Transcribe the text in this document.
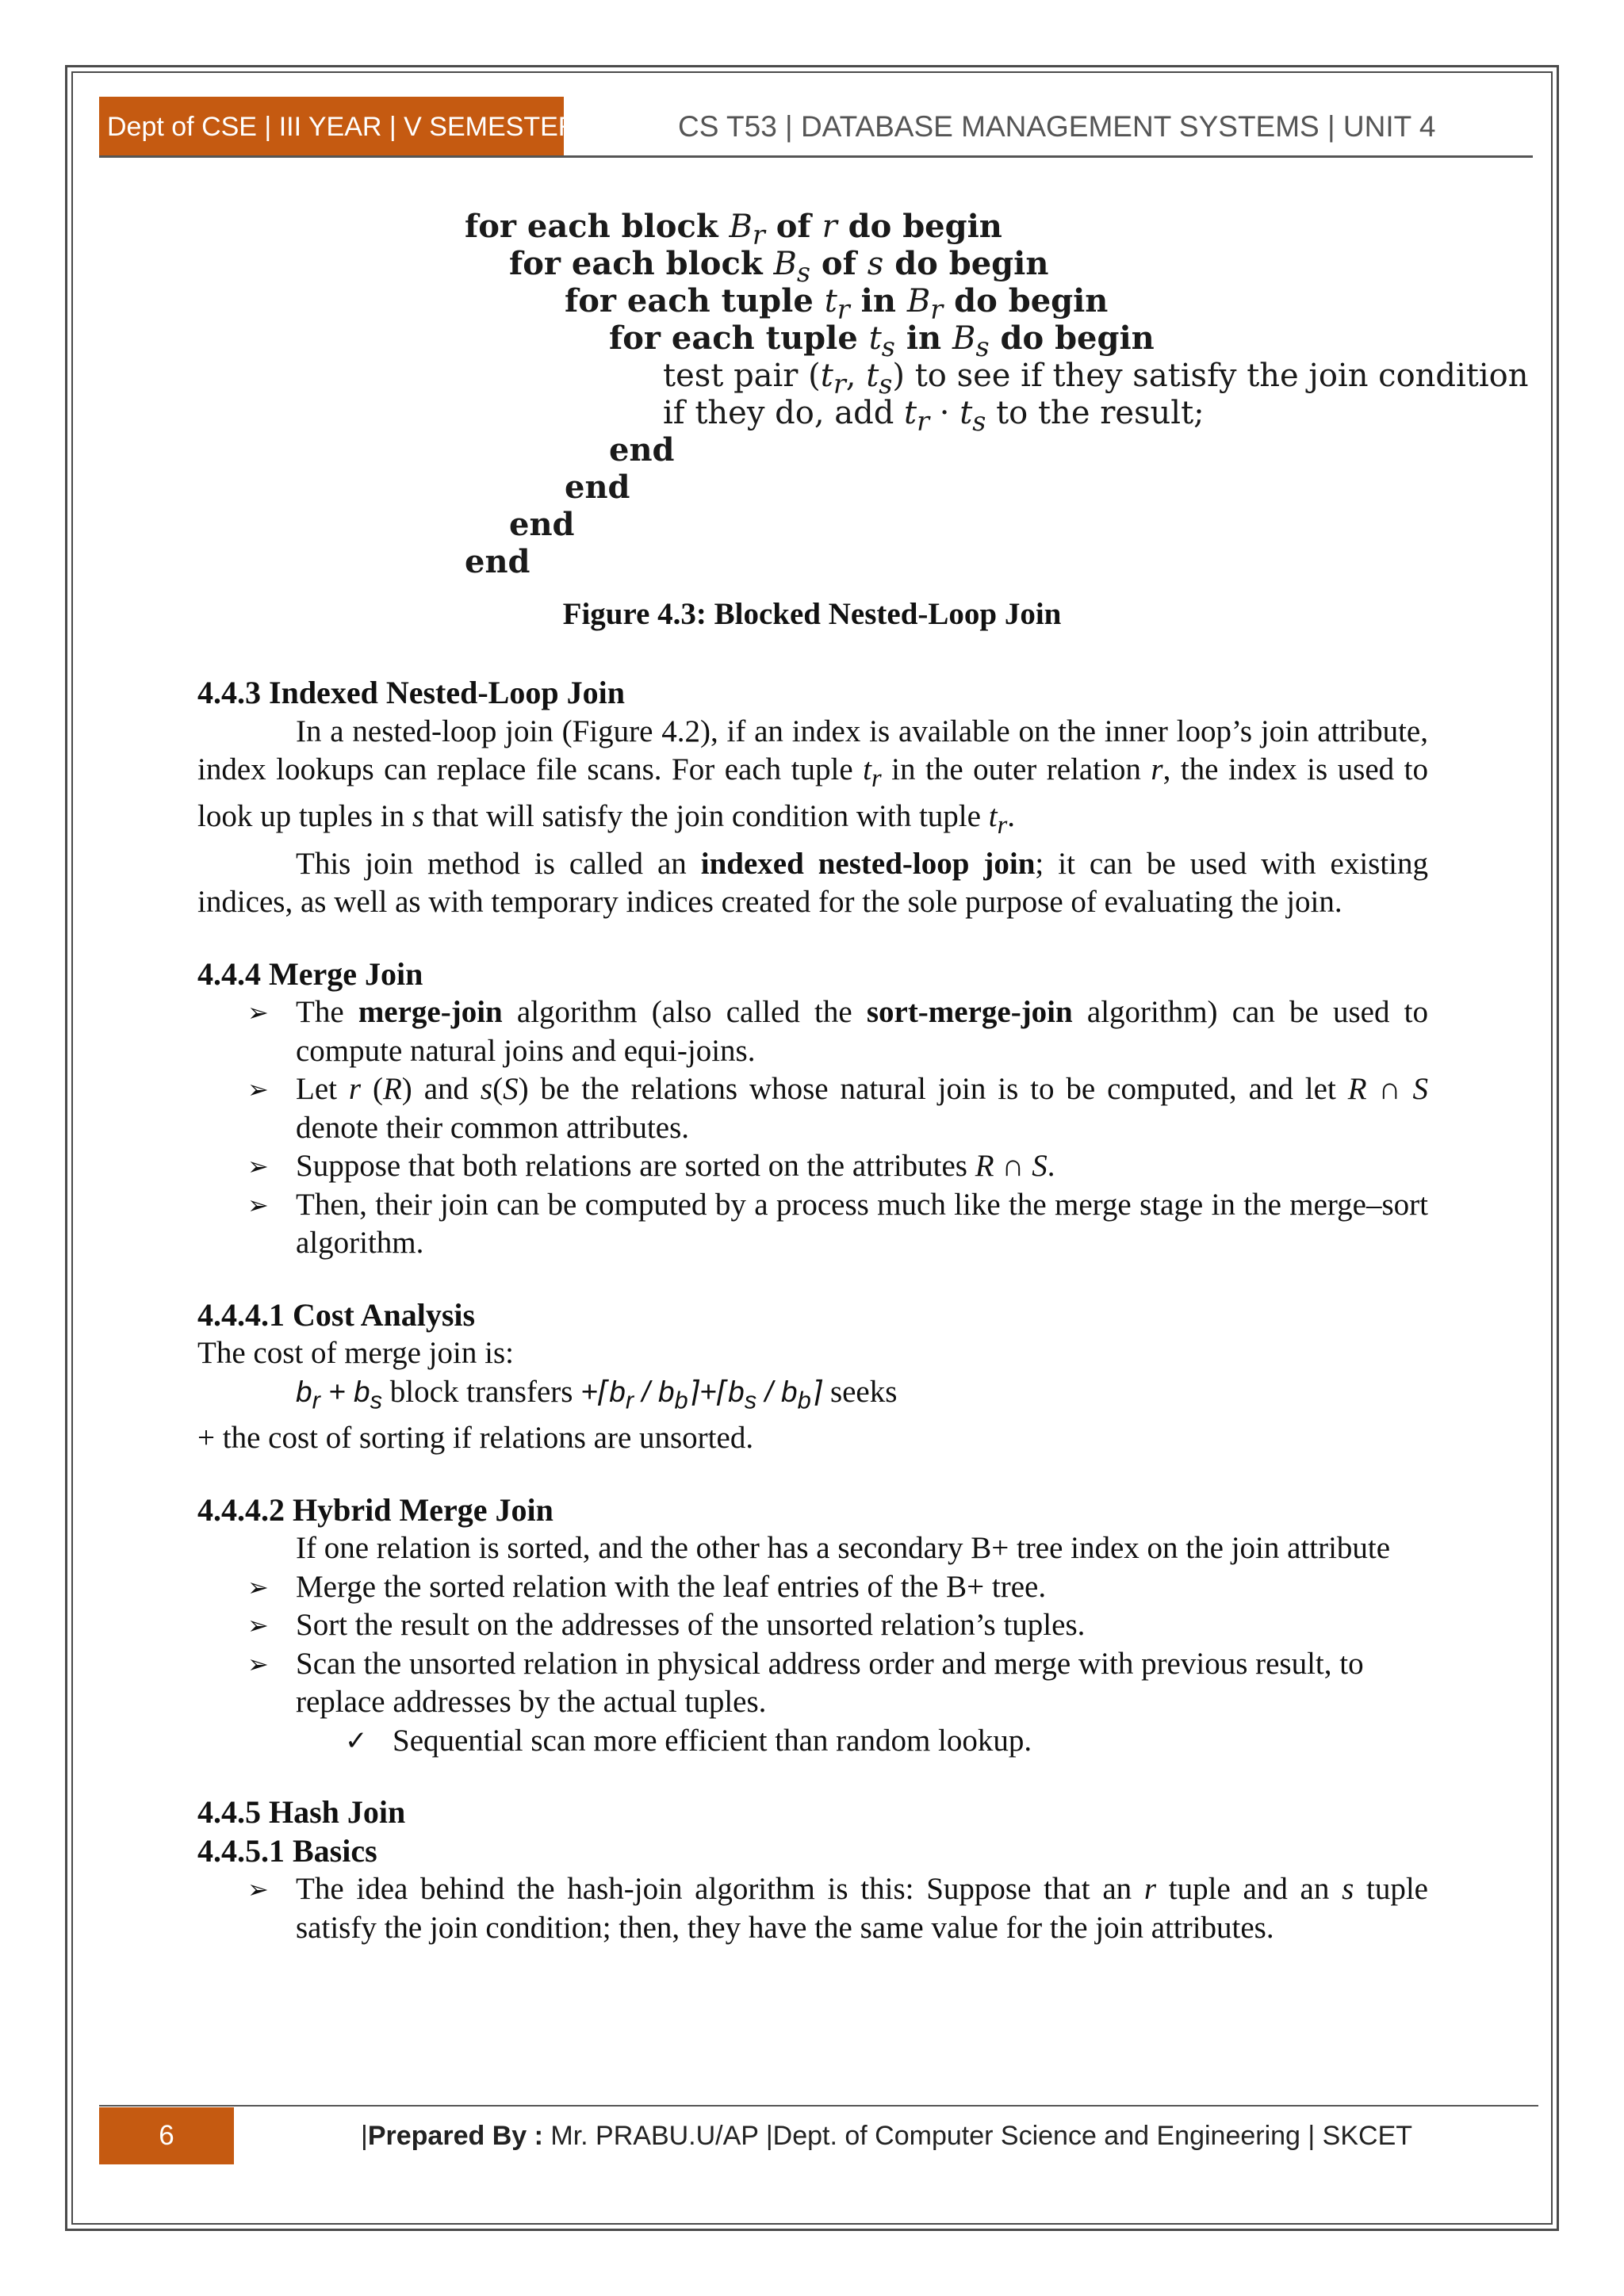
Dept of CSE | III YEAR | V SEMESTER	CS T53 | DATABASE MANAGEMENT SYSTEMS | UNIT 4
for each block $B_r$ of r do begin
for each block $B_s$ of s do begin
for each tuple $t_r$ in $B_r$ do begin
for each tuple $t_s$ in $B_s$ do begin
test pair ($t_r$, $t_s$) to see if they satisfy the join condition
if they do, add $t_r \cdot t_s$ to the result;
end
end
end
end
Figure 4.3: Blocked Nested-Loop Join

4.4.3 Indexed Nested-Loop Join

In a nested-loop join (Figure 4.2), if an index is available on the inner loop’s join attribute, index lookups can replace file scans. For each tuple $t_r$ in the outer relation r, the index is used to look up tuples in s that will satisfy the join condition with tuple $t_r$.

This join method is called an indexed nested-loop join; it can be used with existing indices, as well as with temporary indices created for the sole purpose of evaluating the join.

4.4.4 Merge Join

➢ The merge-join algorithm (also called the sort-merge-join algorithm) can be used to compute natural joins and equi-joins.
➢ Let r (R) and s(S) be the relations whose natural join is to be computed, and let R ∩ S denote their common attributes.
➢ Suppose that both relations are sorted on the attributes R ∩ S.
➢ Then, their join can be computed by a process much like the merge stage in the merge–sort algorithm.

4.4.4.1 Cost Analysis

The cost of merge join is:

$b_r + b_s$ block transfers $+⌈b_r$ / $b_b⌉+⌈b_s$ / $b_b⌉$ seeks

+ the cost of sorting if relations are unsorted.

4.4.4.2 Hybrid Merge Join

If one relation is sorted, and the other has a secondary B+ tree index on the join attribute

➢ Merge the sorted relation with the leaf entries of the B+ tree.
➢ Sort the result on the addresses of the unsorted relation’s tuples.
➢ Scan the unsorted relation in physical address order and merge with previous result, to replace addresses by the actual tuples.

✓ Sequential scan more efficient than random lookup.

4.4.5 Hash Join

4.4.5.1 Basics

➢ The idea behind the hash-join algorithm is this: Suppose that an r tuple and an s tuple satisfy the join condition; then, they have the same value for the join attributes.
6	|Prepared By : Mr. PRABU.U/AP |Dept. of Computer Science and Engineering | SKCET
